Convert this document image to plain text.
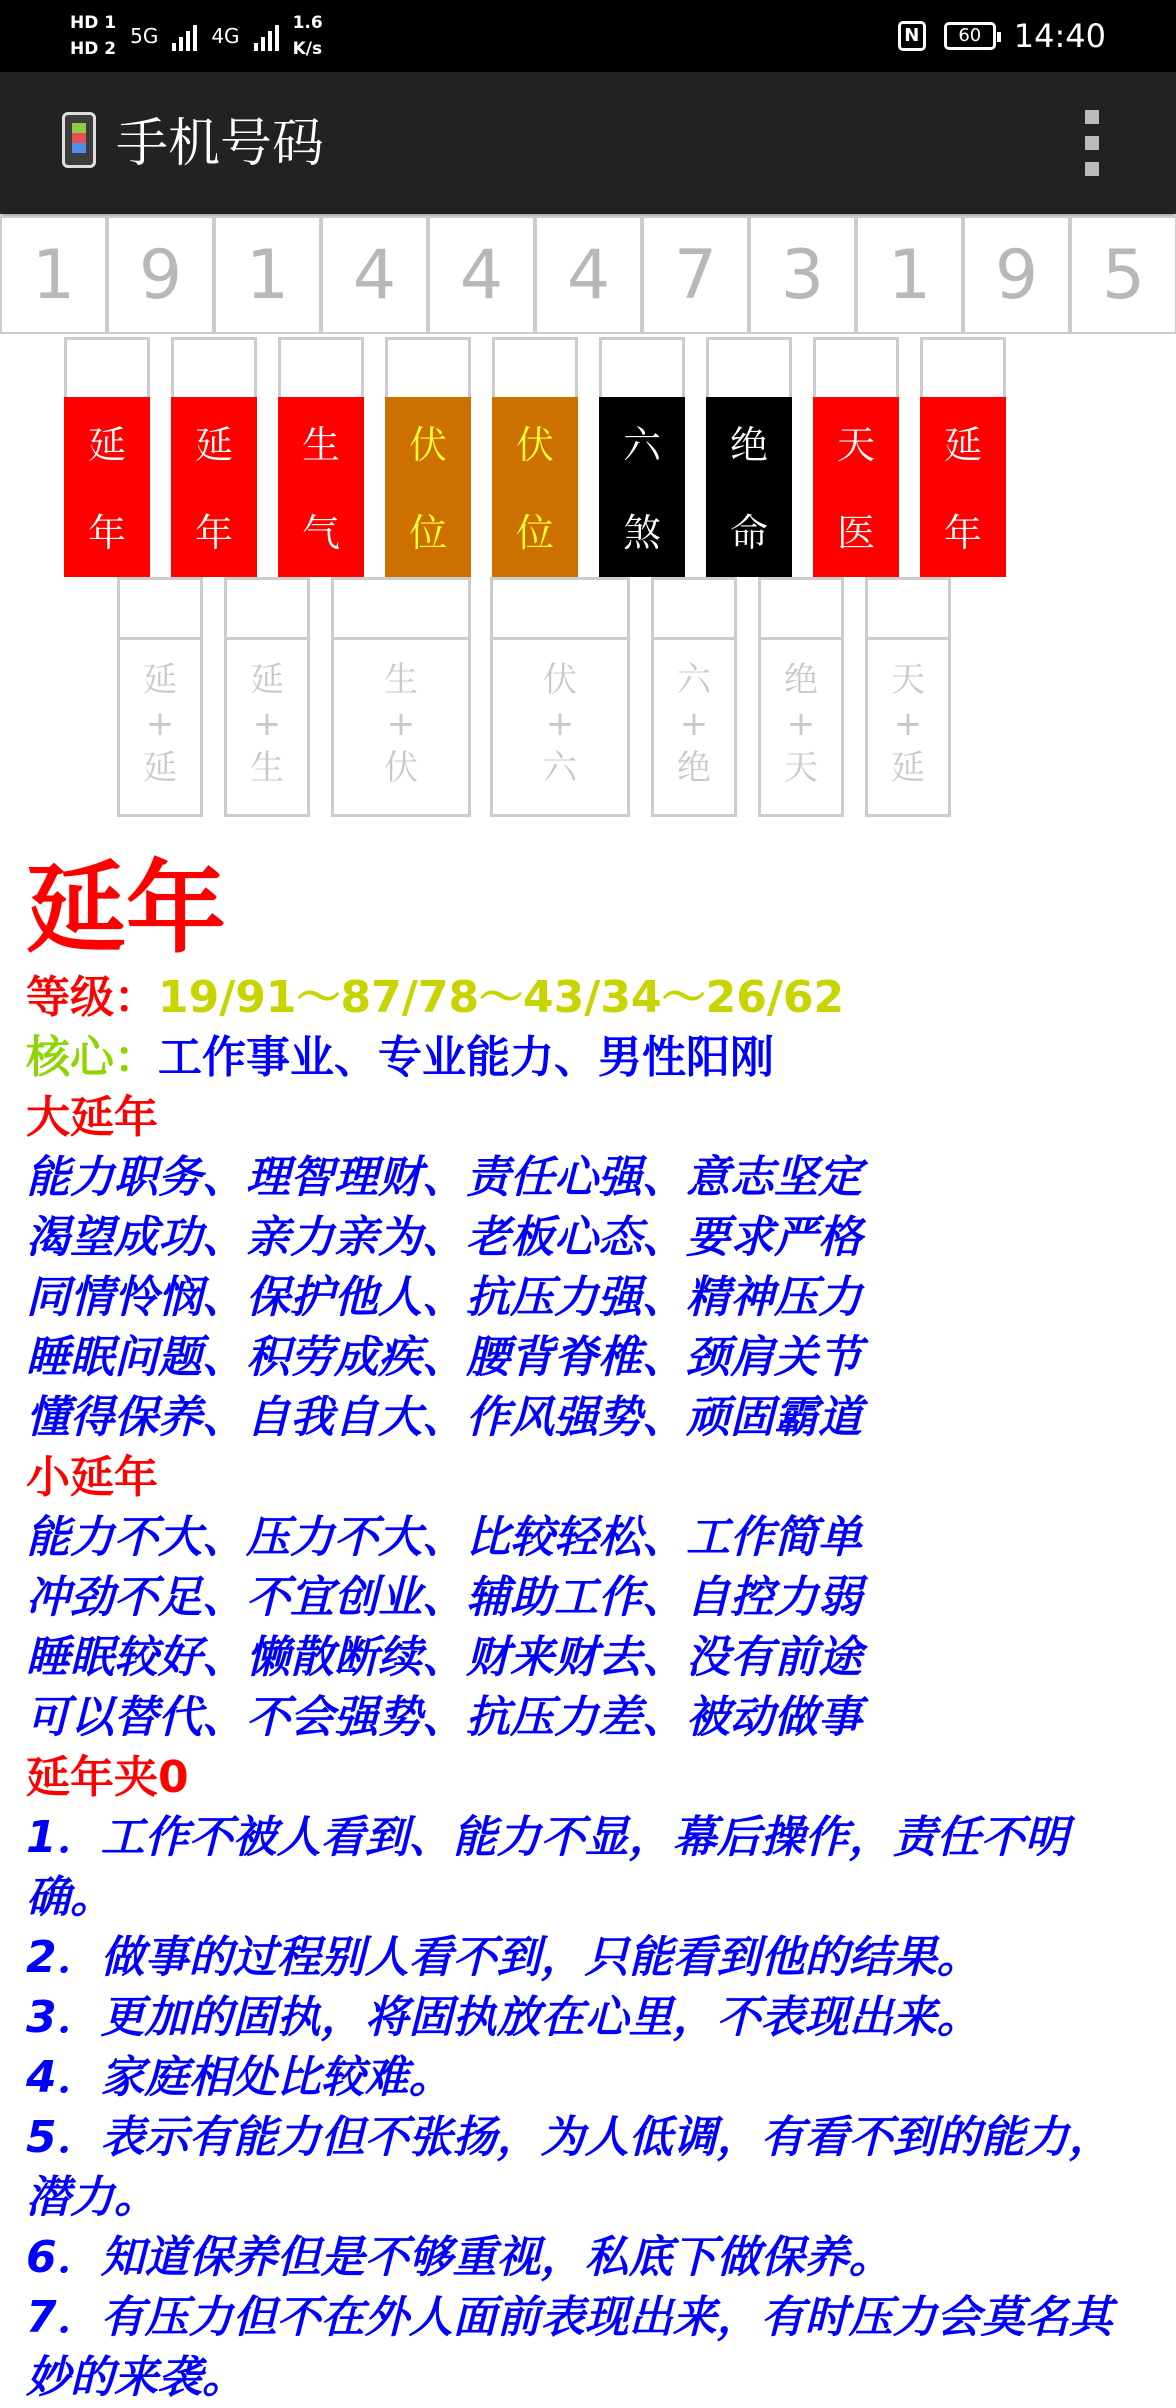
HD 1
HD 2
5G	4G
1.6
K/s
N	60	14:40
手机号码
1 9 1 4 4 4 7 3 1 9 5
延
年
延
年
生
气
伏
位
伏
位
六
煞
绝
命
天
医
延
年
延
+
延
延
+
生
生
+
伏
伏
+
六
六
+
绝
绝
+
天
天
+
延
延年
等级：19/91～87/78～43/34～26/62
核心：工作事业、专业能力、男性阳刚
大延年
能力职务、理智理财、责任心强、意志坚定
渴望成功、亲力亲为、老板心态、要求严格
同情怜悯、保护他人、抗压力强、精神压力
睡眠问题、积劳成疾、腰背脊椎、颈肩关节
懂得保养、自我自大、作风强势、顽固霸道
小延年
能力不大、压力不大、比较轻松、工作简单
冲劲不足、不宜创业、辅助工作、自控力弱
睡眠较好、懒散断续、财来财去、没有前途
可以替代、不会强势、抗压力差、被动做事
延年夹0
1．工作不被人看到、能力不显，幕后操作，责任不明确。
2．做事的过程别人看不到，只能看到他的结果。
3．更加的固执，将固执放在心里，不表现出来。
4．家庭相处比较难。
5．表示有能力但不张扬，为人低调，有看不到的能力，潜力。
6．知道保养但是不够重视，私底下做保养。
7．有压力但不在外人面前表现出来，有时压力会莫名其妙的来袭。
